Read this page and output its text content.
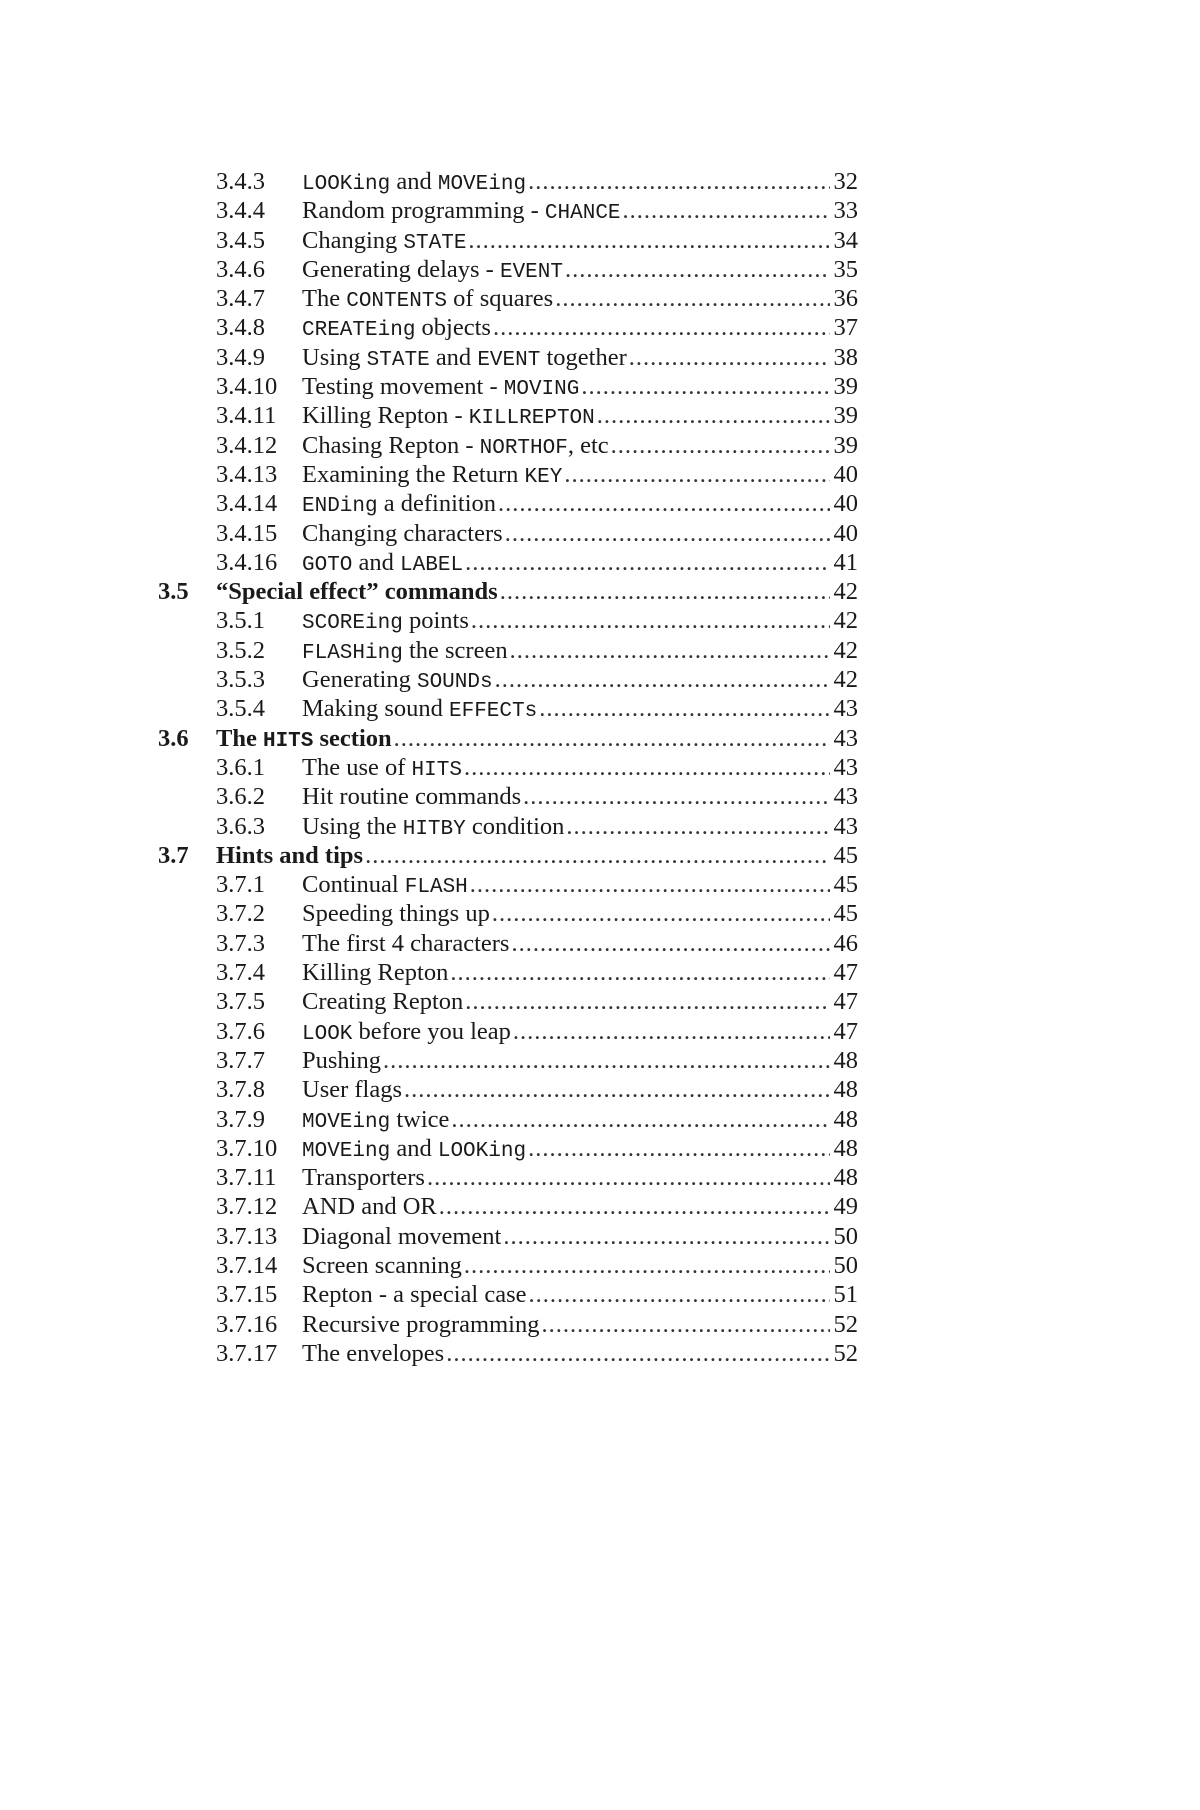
3.4.3	LOOKing and MOVEing .....	32
3.4.4	Random programming - CHANCE .....	33
3.4.5	Changing STATE .....	34
3.4.6	Generating delays - EVENT .....	35
3.4.7	The CONTENTS of squares .....	36
3.4.8	CREATEing objects .....	37
3.4.9	Using STATE and EVENT together .....	38
3.4.10	Testing movement - MOVING .....	39
3.4.11	Killing Repton - KILLREPTON .....	39
3.4.12	Chasing Repton - NORTHOF, etc .....	39
3.4.13	Examining the Return KEY .....	40
3.4.14	ENDing a definition .....	40
3.4.15	Changing characters .....	40
3.4.16	GOTO and LABEL .....	41
3.5	“Special effect” commands .....	42
3.5.1	SCOREing points .....	42
3.5.2	FLASHing the screen .....	42
3.5.3	Generating SOUNDs .....	42
3.5.4	Making sound EFFECTs .....	43
3.6	The HITS section .....	43
3.6.1	The use of HITS .....	43
3.6.2	Hit routine commands .....	43
3.6.3	Using the HITBY condition .....	43
3.7	Hints and tips .....	45
3.7.1	Continual FLASH .....	45
3.7.2	Speeding things up .....	45
3.7.3	The first 4 characters .....	46
3.7.4	Killing Repton .....	47
3.7.5	Creating Repton .....	47
3.7.6	LOOK before you leap .....	47
3.7.7	Pushing .....	48
3.7.8	User flags .....	48
3.7.9	MOVEing twice .....	48
3.7.10	MOVEing and LOOKing .....	48
3.7.11	Transporters .....	48
3.7.12	AND and OR .....	49
3.7.13	Diagonal movement .....	50
3.7.14	Screen scanning .....	50
3.7.15	Repton - a special case .....	51
3.7.16	Recursive programming .....	52
3.7.17	The envelopes .....	52
